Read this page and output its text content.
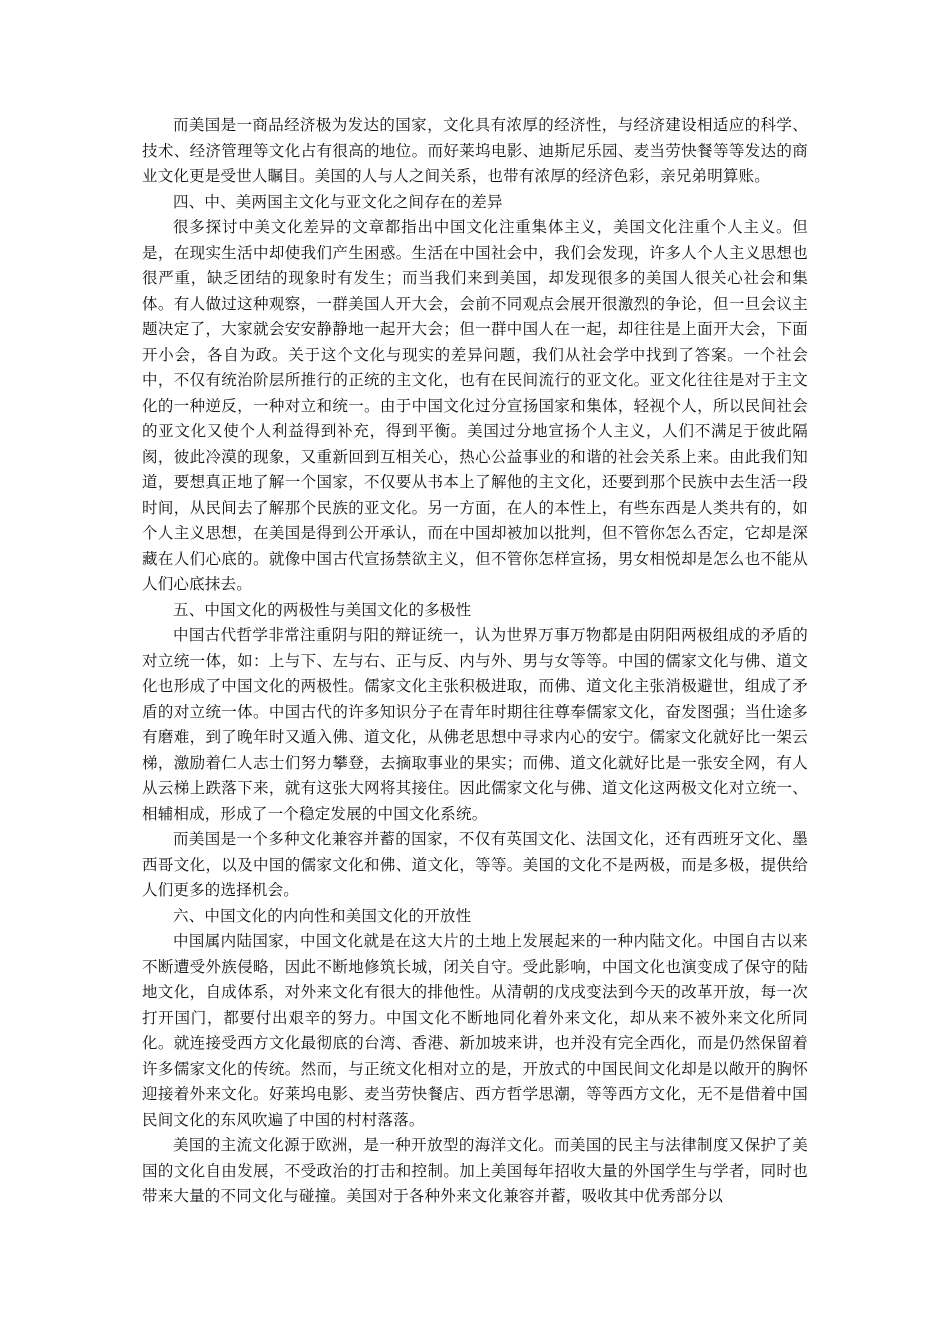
而美国是一商品经济极为发达的国家，文化具有浓厚的经济性，与经济建设相适应的科学、技术、经济管理等文化占有很高的地位。而好莱坞电影、迪斯尼乐园、麦当劳快餐等等发达的商业文化更是受世人瞩目。美国的人与人之间关系，也带有浓厚的经济色彩，亲兄弟明算账。

四、中、美两国主文化与亚文化之间存在的差异

很多探讨中美文化差异的文章都指出中国文化注重集体主义，美国文化注重个人主义。但是，在现实生活中却使我们产生困惑。生活在中国社会中，我们会发现，许多人个人主义思想也很严重，缺乏团结的现象时有发生；而当我们来到美国，却发现很多的美国人很关心社会和集体。有人做过这种观察，一群美国人开大会，会前不同观点会展开很激烈的争论，但一旦会议主题决定了，大家就会安安静静地一起开大会；但一群中国人在一起，却往往是上面开大会，下面开小会，各自为政。关于这个文化与现实的差异问题，我们从社会学中找到了答案。一个社会中，不仅有统治阶层所推行的正统的主文化，也有在民间流行的亚文化。亚文化往往是对于主文化的一种逆反，一种对立和统一。由于中国文化过分宣扬国家和集体，轻视个人，所以民间社会的亚文化又使个人利益得到补充，得到平衡。美国过分地宣扬个人主义，人们不满足于彼此隔阂，彼此冷漠的现象，又重新回到互相关心，热心公益事业的和谐的社会关系上来。由此我们知道，要想真正地了解一个国家，不仅要从书本上了解他的主文化，还要到那个民族中去生活一段时间，从民间去了解那个民族的亚文化。另一方面，在人的本性上，有些东西是人类共有的，如个人主义思想，在美国是得到公开承认，而在中国却被加以批判，但不管你怎么否定，它却是深藏在人们心底的。就像中国古代宣扬禁欲主义，但不管你怎样宣扬，男女相悦却是怎么也不能从人们心底抹去。

五、中国文化的两极性与美国文化的多极性

中国古代哲学非常注重阴与阳的辩证统一，认为世界万事万物都是由阴阳两极组成的矛盾的对立统一体，如：上与下、左与右、正与反、内与外、男与女等等。中国的儒家文化与佛、道文化也形成了中国文化的两极性。儒家文化主张积极进取，而佛、道文化主张消极避世，组成了矛盾的对立统一体。中国古代的许多知识分子在青年时期往往尊奉儒家文化，奋发图强；当仕途多有磨难，到了晚年时又遁入佛、道文化，从佛老思想中寻求内心的安宁。儒家文化就好比一架云梯，激励着仁人志士们努力攀登，去摘取事业的果实；而佛、道文化就好比是一张安全网，有人从云梯上跌落下来，就有这张大网将其接住。因此儒家文化与佛、道文化这两极文化对立统一、相辅相成，形成了一个稳定发展的中国文化系统。

而美国是一个多种文化兼容并蓄的国家，不仅有英国文化、法国文化，还有西班牙文化、墨西哥文化，以及中国的儒家文化和佛、道文化，等等。美国的文化不是两极，而是多极，提供给人们更多的选择机会。

六、中国文化的内向性和美国文化的开放性

中国属内陆国家，中国文化就是在这大片的土地上发展起来的一种内陆文化。中国自古以来不断遭受外族侵略，因此不断地修筑长城，闭关自守。受此影响，中国文化也演变成了保守的陆地文化，自成体系，对外来文化有很大的排他性。从清朝的戊戌变法到今天的改革开放，每一次打开国门，都要付出艰辛的努力。中国文化不断地同化着外来文化，却从来不被外来文化所同化。就连接受西方文化最彻底的台湾、香港、新加坡来讲，也并没有完全西化，而是仍然保留着许多儒家文化的传统。然而，与正统文化相对立的是，开放式的中国民间文化却是以敞开的胸怀迎接着外来文化。好莱坞电影、麦当劳快餐店、西方哲学思潮，等等西方文化，无不是借着中国民间文化的东风吹遍了中国的村村落落。

美国的主流文化源于欧洲，是一种开放型的海洋文化。而美国的民主与法律制度又保护了美国的文化自由发展，不受政治的打击和控制。加上美国每年招收大量的外国学生与学者，同时也带来大量的不同文化与碰撞。美国对于各种外来文化兼容并蓄，吸收其中优秀部分以
